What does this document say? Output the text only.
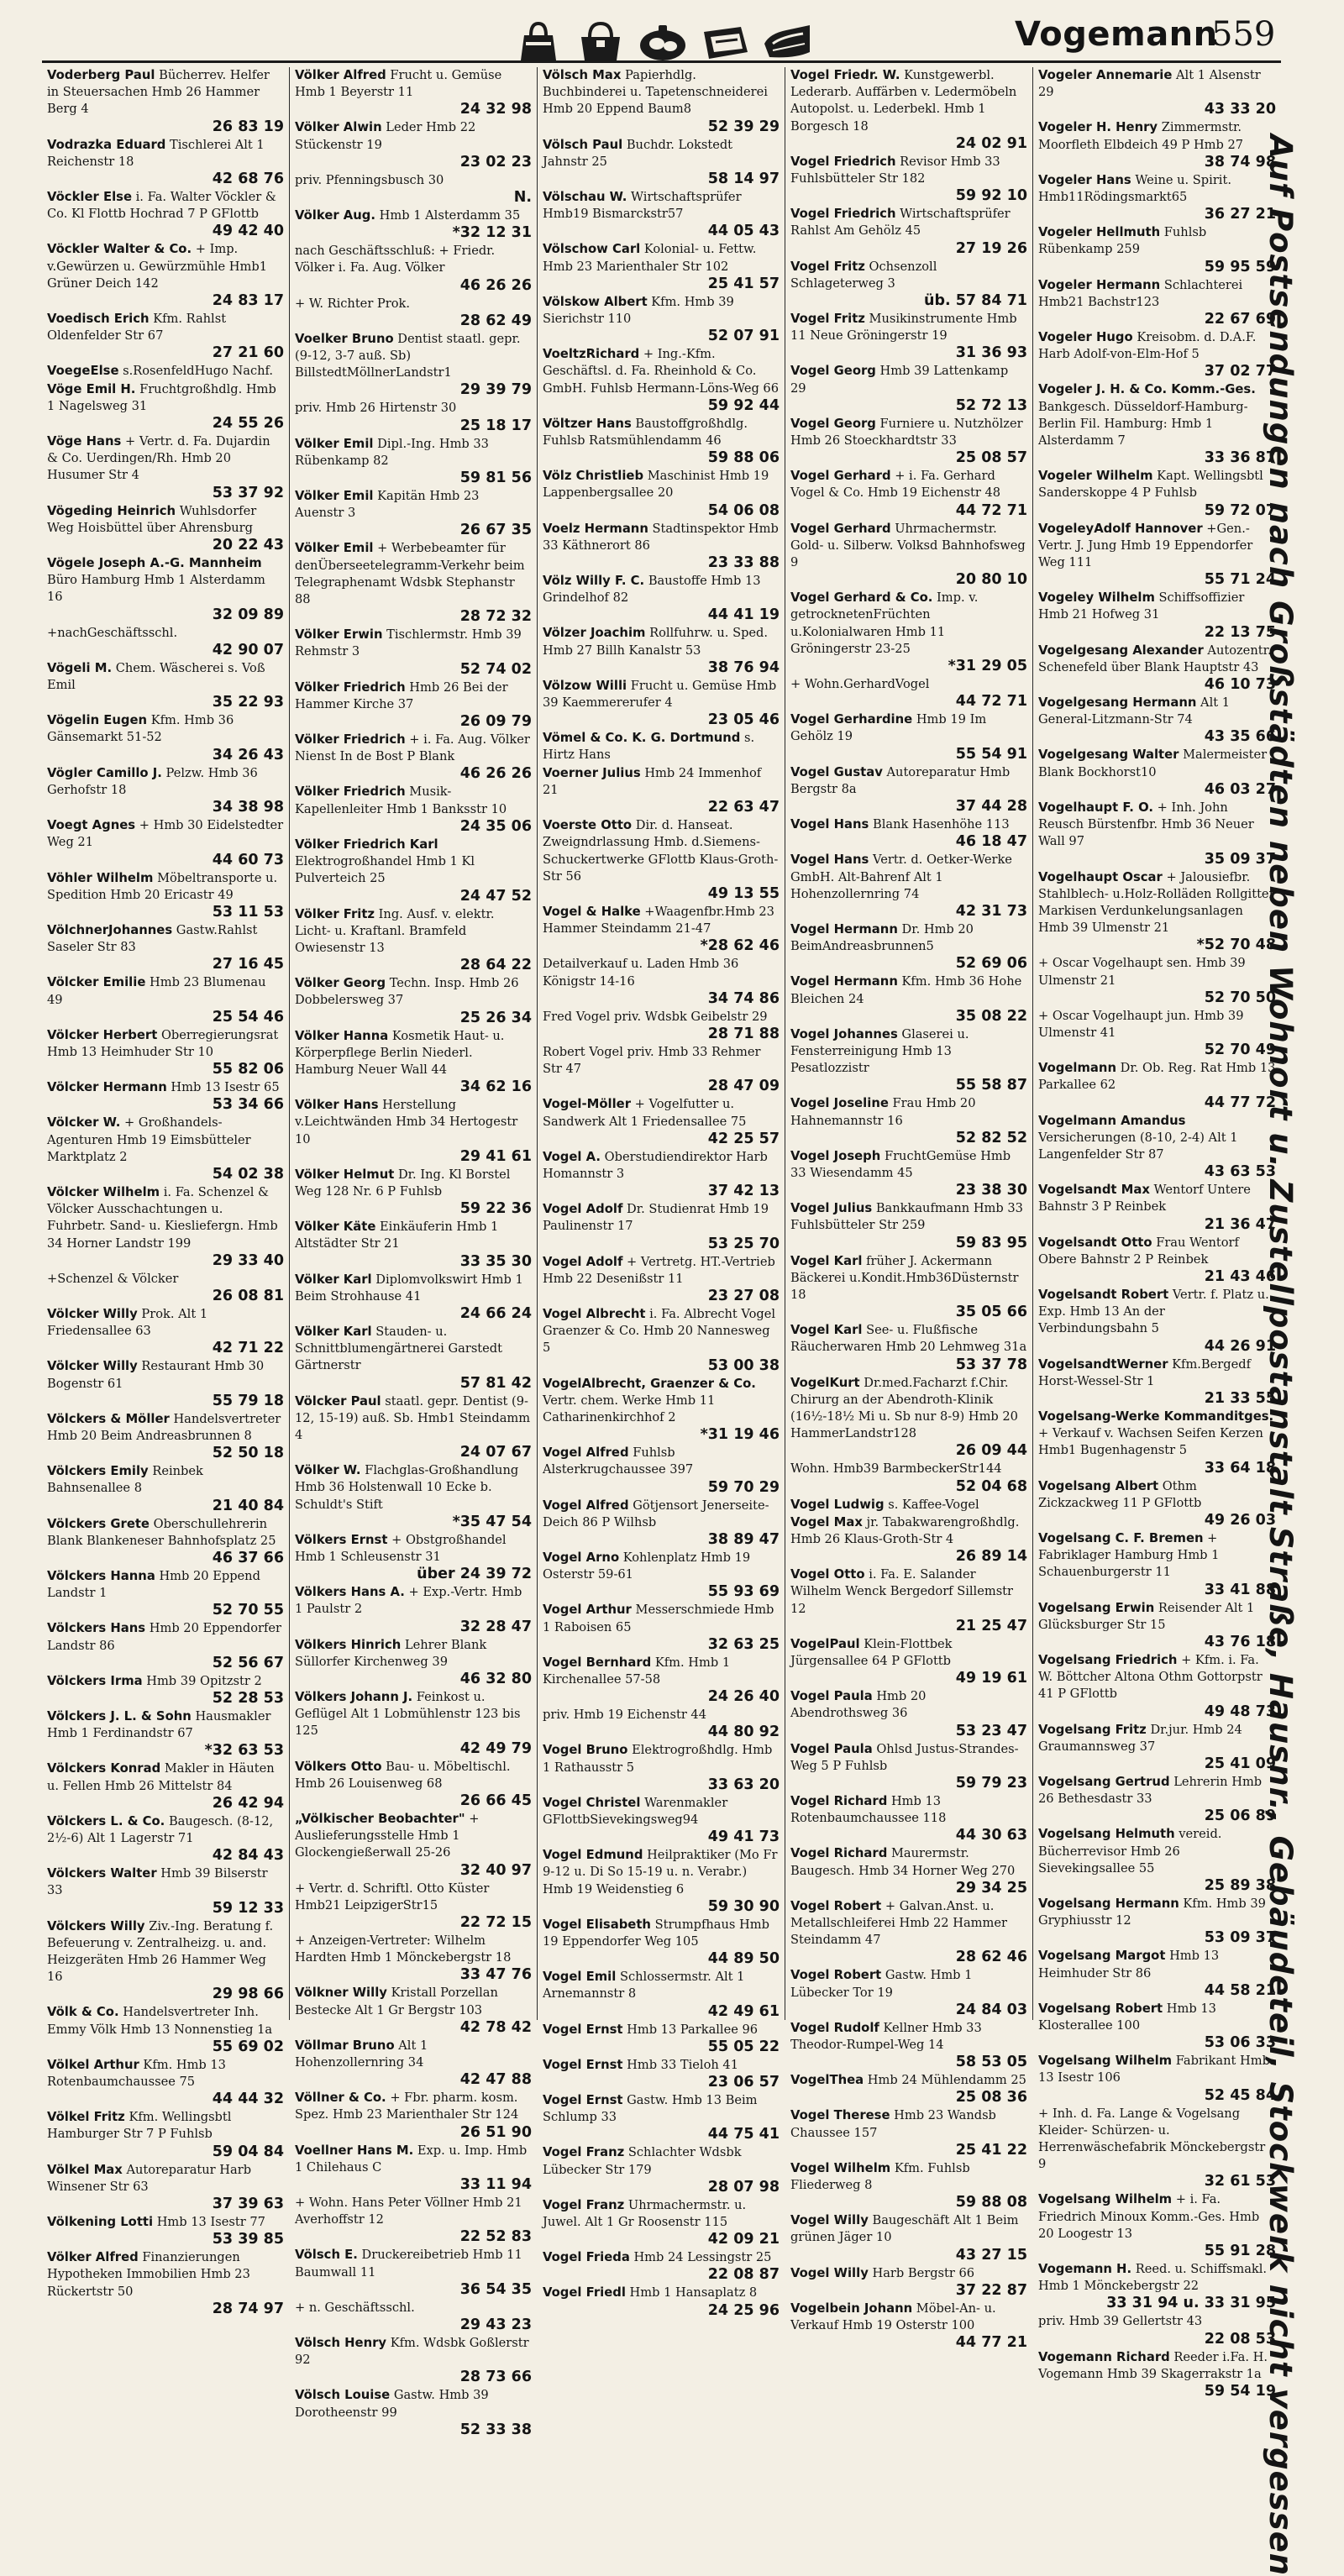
Vogemann
559
Voderberg Paul Bücherrev. Helfer in Steuersachen Hmb 26 Hammer Berg 4
26 83 19
Vodrazka Eduard Tischlerei Alt 1 Reichenstr 18
42 68 76
Vöckler Else i. Fa. Walter Vöckler & Co. Kl Flottb Hochrad 7 P GFlottb
49 42 40
Vöckler Walter & Co. + Imp. v.Gewürzen u. Gewürzmühle Hmb1 Grüner Deich 142
24 83 17
Voedisch Erich Kfm. Rahlst Oldenfelder Str 67
27 21 60
VoegeElse s.RosenfeldHugo Nachf.
Vöge Emil H. Fruchtgroßhdlg. Hmb 1 Nagelsweg 31
24 55 26
Vöge Hans + Vertr. d. Fa. Dujardin & Co. Uerdingen/Rh. Hmb 20 Husumer Str 4
53 37 92
Vögeding Heinrich Wuhlsdorfer Weg Hoisbüttel über Ahrensburg
20 22 43
Vögele Joseph A.-G. Mannheim Büro Hamburg Hmb 1 Alsterdamm 16
32 09 89
+nachGeschäftsschl.
42 90 07
Vögeli M. Chem. Wäscherei s. Voß Emil
35 22 93
Vögelin Eugen Kfm. Hmb 36 Gänsemarkt 51-52
34 26 43
Vögler Camillo J. Pelzw. Hmb 36 Gerhofstr 18
34 38 98
Voegt Agnes + Hmb 30 Eidelstedter Weg 21
44 60 73
Vöhler Wilhelm Möbeltransporte u. Spedition Hmb 20 Ericastr 49
53 11 53
VölchnerJohannes Gastw.Rahlst Saseler Str 83
27 16 45
Völcker Emilie Hmb 23 Blumenau 49
25 54 46
Völcker Herbert Oberregierungsrat Hmb 13 Heimhuder Str 10
55 82 06
Völcker Hermann Hmb 13 Isestr 65
53 34 66
Völcker W. + Großhandels-Agenturen Hmb 19 Eimsbütteler Marktplatz 2
54 02 38
Völcker Wilhelm i. Fa. Schenzel & Völcker Ausschachtungen u. Fuhrbetr. Sand- u. Kiesliefergn. Hmb 34 Horner Landstr 199
29 33 40
+Schenzel & Völcker
26 08 81
Völcker Willy Prok. Alt 1 Friedensallee 63
42 71 22
Völcker Willy Restaurant Hmb 30 Bogenstr 61
55 79 18
Völckers & Möller Handelsvertreter Hmb 20 Beim Andreasbrunnen 8
52 50 18
Völckers Emily Reinbek Bahnsenallee 8
21 40 84
Völckers Grete Oberschullehrerin Blank Blankeneser Bahnhofsplatz 25
46 37 66
Völckers Hanna Hmb 20 Eppend Landstr 1
52 70 55
Völckers Hans Hmb 20 Eppendorfer Landstr 86
52 56 67
Völckers Irma Hmb 39 Opitzstr 2
52 28 53
Völckers J. L. & Sohn Hausmakler Hmb 1 Ferdinandstr 67
*32 63 53
Völckers Konrad Makler in Häuten u. Fellen Hmb 26 Mittelstr 84
26 42 94
Völckers L. & Co. Baugesch. (8-12, 2½-6) Alt 1 Lagerstr 71
42 84 43
Völckers Walter Hmb 39 Bilserstr 33
59 12 33
Völckers Willy Ziv.-Ing. Beratung f. Befeuerung v. Zentralheizg. u. and. Heizgeräten Hmb 26 Hammer Weg 16
29 98 66
Völk & Co. Handelsvertreter Inh. Emmy Völk Hmb 13 Nonnenstieg 1a
55 69 02
Völkel Arthur Kfm. Hmb 13 Rotenbaumchaussee 75
44 44 32
Völkel Fritz Kfm. Wellingsbtl Hamburger Str 7 P Fuhlsb
59 04 84
Völkel Max Autoreparatur Harb Winsener Str 63
37 39 63
Völkening Lotti Hmb 13 Isestr 77
53 39 85
Völker Alfred Finanzierungen Hypotheken Immobilien Hmb 23 Rückertstr 50
28 74 97
Völker Alfred Frucht u. Gemüse Hmb 1 Beyerstr 11
24 32 98
Völker Alwin Leder Hmb 22 Stückenstr 19
23 02 23
priv. Pfenningsbusch 30
N.
Völker Aug. Hmb 1 Alsterdamm 35
*32 12 31
nach Geschäftsschluß: + Friedr. Völker i. Fa. Aug. Völker
46 26 26
+ W. Richter Prok.
28 62 49
Voelker Bruno Dentist staatl. gepr. (9-12, 3-7 auß. Sb) BillstedtMöllnerLandstr1
29 39 79
priv. Hmb 26 Hirtenstr 30
25 18 17
Völker Emil Dipl.-Ing. Hmb 33 Rübenkamp 82
59 81 56
Völker Emil Kapitän Hmb 23 Auenstr 3
26 67 35
Völker Emil + Werbebeamter für denÜberseetelegramm-Verkehr beim Telegraphenamt Wdsbk Stephanstr 88
28 72 32
Völker Erwin Tischlermstr. Hmb 39 Rehmstr 3
52 74 02
Völker Friedrich Hmb 26 Bei der Hammer Kirche 37
26 09 79
Völker Friedrich + i. Fa. Aug. Völker Nienst In de Bost P Blank
46 26 26
Völker Friedrich Musik-Kapellenleiter Hmb 1 Banksstr 10
24 35 06
Völker Friedrich Karl Elektrogroßhandel Hmb 1 Kl Pulverteich 25
24 47 52
Völker Fritz Ing. Ausf. v. elektr. Licht- u. Kraftanl. Bramfeld Owiesenstr 13
28 64 22
Völker Georg Techn. Insp. Hmb 26 Dobbelersweg 37
25 26 34
Völker Hanna Kosmetik Haut- u. Körperpflege Berlin Niederl. Hamburg Neuer Wall 44
34 62 16
Völker Hans Herstellung v.Leichtwänden Hmb 34 Hertogestr 10
29 41 61
Völker Helmut Dr. Ing. Kl Borstel Weg 128 Nr. 6 P Fuhlsb
59 22 36
Völker Käte Einkäuferin Hmb 1 Altstädter Str 21
33 35 30
Völker Karl Diplomvolkswirt Hmb 1 Beim Strohhause 41
24 66 24
Völker Karl Stauden- u. Schnittblumengärtnerei Garstedt Gärtnerstr
57 81 42
Völcker Paul staatl. gepr. Dentist (9-12, 15-19) auß. Sb. Hmb1 Steindamm 4
24 07 67
Völker W. Flachglas-Großhandlung Hmb 36 Holstenwall 10 Ecke b. Schuldt's Stift
*35 47 54
Völkers Ernst + Obstgroßhandel Hmb 1 Schleusenstr 31
über 24 39 72
Völkers Hans A. + Exp.-Vertr. Hmb 1 Paulstr 2
32 28 47
Völkers Hinrich Lehrer Blank Süllorfer Kirchenweg 39
46 32 80
Völkers Johann J. Feinkost u. Geflügel Alt 1 Lobmühlenstr 123 bis 125
42 49 79
Völkers Otto Bau- u. Möbeltischl. Hmb 26 Louisenweg 68
26 66 45
„Völkischer Beobachter" + Auslieferungsstelle Hmb 1 Glockengießerwall 25-26
32 40 97
+ Vertr. d. Schriftl. Otto Küster Hmb21 LeipzigerStr15
22 72 15
+ Anzeigen-Vertreter: Wilhelm Hardten Hmb 1 Mönckebergstr 18
33 47 76
Völkner Willy Kristall Porzellan Bestecke Alt 1 Gr Bergstr 103
42 78 42
Völlmar Bruno Alt 1 Hohenzollernring 34
42 47 88
Völlner & Co. + Fbr. pharm. kosm. Spez. Hmb 23 Marienthaler Str 124
26 51 90
Voellner Hans M. Exp. u. Imp. Hmb 1 Chilehaus C
33 11 94
+ Wohn. Hans Peter Völlner Hmb 21 Averhoffstr 12
22 52 83
Völsch E. Druckereibetrieb Hmb 11 Baumwall 11
36 54 35
+ n. Geschäftsschl.
29 43 23
Völsch Henry Kfm. Wdsbk Goßlerstr 92
28 73 66
Völsch Louise Gastw. Hmb 39 Dorotheenstr 99
52 33 38
Völsch Max Papierhdlg. Buchbinderei u. Tapetenschneiderei Hmb 20 Eppend Baum8
52 39 29
Völsch Paul Buchdr. Lokstedt Jahnstr 25
58 14 97
Völschau W. Wirtschaftsprüfer Hmb19 Bismarckstr57
44 05 43
Völschow Carl Kolonial- u. Fettw. Hmb 23 Marienthaler Str 102
25 41 57
Völskow Albert Kfm. Hmb 39 Sierichstr 110
52 07 91
VoeltzRichard + Ing.-Kfm. Geschäftsl. d. Fa. Rheinhold & Co. GmbH. Fuhlsb Hermann-Löns-Weg 66
59 92 44
Völtzer Hans Baustoffgroßhdlg. Fuhlsb Ratsmühlendamm 46
59 88 06
Völz Christlieb Maschinist Hmb 19 Lappenbergsallee 20
54 06 08
Voelz Hermann Stadtinspektor Hmb 33 Käthnerort 86
23 33 88
Völz Willy F. C. Baustoffe Hmb 13 Grindelhof 82
44 41 19
Völzer Joachim Rollfuhrw. u. Sped. Hmb 27 Billh Kanalstr 53
38 76 94
Völzow Willi Frucht u. Gemüse Hmb 39 Kaemmererufer 4
23 05 46
Vömel & Co. K. G. Dortmund s. Hirtz Hans
Voerner Julius Hmb 24 Immenhof 21
22 63 47
Voerste Otto Dir. d. Hanseat. Zweigndrlassung Hmb. d.Siemens-Schuckertwerke GFlottb Klaus-Groth-Str 56
49 13 55
Vogel & Halke +Waagenfbr.Hmb 23 Hammer Steindamm 21-47
*28 62 46
Detailverkauf u. Laden Hmb 36 Königstr 14-16
34 74 86
Fred Vogel priv. Wdsbk Geibelstr 29
28 71 88
Robert Vogel priv. Hmb 33 Rehmer Str 47
28 47 09
Vogel-Möller + Vogelfutter u. Sandwerk Alt 1 Friedensallee 75
42 25 57
Vogel A. Oberstudiendirektor Harb Homannstr 3
37 42 13
Vogel Adolf Dr. Studienrat Hmb 19 Paulinenstr 17
53 25 70
Vogel Adolf + Vertretg. HT.-Vertrieb Hmb 22 Desenißstr 11
23 27 08
Vogel Albrecht i. Fa. Albrecht Vogel Graenzer & Co. Hmb 20 Nannesweg 5
53 00 38
VogelAlbrecht, Graenzer & Co. Vertr. chem. Werke Hmb 11 Catharinenkirchhof 2
*31 19 46
Vogel Alfred Fuhlsb Alsterkrugchaussee 397
59 70 29
Vogel Alfred Götjensort Jenerseite-Deich 86 P Wilhsb
38 89 47
Vogel Arno Kohlenplatz Hmb 19 Osterstr 59-61
55 93 69
Vogel Arthur Messerschmiede Hmb 1 Raboisen 65
32 63 25
Vogel Bernhard Kfm. Hmb 1 Kirchenallee 57-58
24 26 40
priv. Hmb 19 Eichenstr 44
44 80 92
Vogel Bruno Elektrogroßhdlg. Hmb 1 Rathausstr 5
33 63 20
Vogel Christel Warenmakler GFlottbSievekingsweg94
49 41 73
Vogel Edmund Heilpraktiker (Mo Fr 9-12 u. Di So 15-19 u. n. Verabr.) Hmb 19 Weidenstieg 6
59 30 90
Vogel Elisabeth Strumpfhaus Hmb 19 Eppendorfer Weg 105
44 89 50
Vogel Emil Schlossermstr. Alt 1 Arnemannstr 8
42 49 61
Vogel Ernst Hmb 13 Parkallee 96
55 05 22
Vogel Ernst Hmb 33 Tieloh 41
23 06 57
Vogel Ernst Gastw. Hmb 13 Beim Schlump 33
44 75 41
Vogel Franz Schlachter Wdsbk Lübecker Str 179
28 07 98
Vogel Franz Uhrmachermstr. u. Juwel. Alt 1 Gr Roosenstr 115
42 09 21
Vogel Frieda Hmb 24 Lessingstr 25
22 08 87
Vogel Friedl Hmb 1 Hansaplatz 8
24 25 96
Vogel Friedr. W. Kunstgewerbl. Lederarb. Auffärben v. Ledermöbeln Autopolst. u. Lederbekl. Hmb 1 Borgesch 18
24 02 91
Vogel Friedrich Revisor Hmb 33 Fuhlsbütteler Str 182
59 92 10
Vogel Friedrich Wirtschaftsprüfer Rahlst Am Gehölz 45
27 19 26
Vogel Fritz Ochsenzoll Schlageterweg 3
üb. 57 84 71
Vogel Fritz Musikinstrumente Hmb 11 Neue Gröningerstr 19
31 36 93
Vogel Georg Hmb 39 Lattenkamp 29
52 72 13
Vogel Georg Furniere u. Nutzhölzer Hmb 26 Stoeckhardtstr 33
25 08 57
Vogel Gerhard + i. Fa. Gerhard Vogel & Co. Hmb 19 Eichenstr 48
44 72 71
Vogel Gerhard Uhrmachermstr. Gold- u. Silberw. Volksd Bahnhofsweg 9
20 80 10
Vogel Gerhard & Co. Imp. v. getrocknetenFrüchten u.Kolonialwaren Hmb 11 Gröningerstr 23-25
*31 29 05
+ Wohn.GerhardVogel
44 72 71
Vogel Gerhardine Hmb 19 Im Gehölz 19
55 54 91
Vogel Gustav Autoreparatur Hmb Bergstr 8a
37 44 28
Vogel Hans Blank Hasenhöhe 113
46 18 47
Vogel Hans Vertr. d. Oetker-Werke GmbH. Alt-Bahrenf Alt 1 Hohenzollernring 74
42 31 73
Vogel Hermann Dr. Hmb 20 BeimAndreasbrunnen5
52 69 06
Vogel Hermann Kfm. Hmb 36 Hohe Bleichen 24
35 08 22
Vogel Johannes Glaserei u. Fensterreinigung Hmb 13 Pesatlozzistr
55 58 87
Vogel Joseline Frau Hmb 20 Hahnemannstr 16
52 82 52
Vogel Joseph FruchtGemüse Hmb 33 Wiesendamm 45
23 38 30
Vogel Julius Bankkaufmann Hmb 33 Fuhlsbütteler Str 259
59 83 95
Vogel Karl früher J. Ackermann Bäckerei u.Kondit.Hmb36Düsternstr 18
35 05 66
Vogel Karl See- u. Flußfische Räucherwaren Hmb 20 Lehmweg 31a
53 37 78
VogelKurt Dr.med.Facharzt f.Chir. Chirurg an der Abendroth-Klinik (16½-18½ Mi u. Sb nur 8-9) Hmb 20 HammerLandstr128
26 09 44
Wohn. Hmb39 BarmbeckerStr144
52 04 68
Vogel Ludwig s. Kaffee-Vogel
Vogel Max jr. Tabakwarengroßhdlg. Hmb 26 Klaus-Groth-Str 4
26 89 14
Vogel Otto i. Fa. E. Salander Wilhelm Wenck Bergedorf Sillemstr 12
21 25 47
VogelPaul Klein-Flottbek Jürgensallee 64 P GFlottb
49 19 61
Vogel Paula Hmb 20 Abendrothsweg 36
53 23 47
Vogel Paula Ohlsd Justus-Strandes-Weg 5 P Fuhlsb
59 79 23
Vogel Richard Hmb 13 Rotenbaumchaussee 118
44 30 63
Vogel Richard Maurermstr. Baugesch. Hmb 34 Horner Weg 270
29 34 25
Vogel Robert + Galvan.Anst. u. Metallschleiferei Hmb 22 Hammer Steindamm 47
28 62 46
Vogel Robert Gastw. Hmb 1 Lübecker Tor 19
24 84 03
Vogel Rudolf Kellner Hmb 33 Theodor-Rumpel-Weg 14
58 53 05
VogelThea Hmb 24 Mühlendamm 25
25 08 36
Vogel Therese Hmb 23 Wandsb Chaussee 157
25 41 22
Vogel Wilhelm Kfm. Fuhlsb Fliederweg 8
59 88 08
Vogel Willy Baugeschäft Alt 1 Beim grünen Jäger 10
43 27 15
Vogel Willy Harb Bergstr 66
37 22 87
Vogelbein Johann Möbel-An- u. Verkauf Hmb 19 Osterstr 100
44 77 21
Vogeler Annemarie Alt 1 Alsenstr 29
43 33 20
Vogeler H. Henry Zimmermstr. Moorfleth Elbdeich 49 P Hmb 27
38 74 98
Vogeler Hans Weine u. Spirit. Hmb11Rödingsmarkt65
36 27 21
Vogeler Hellmuth Fuhlsb Rübenkamp 259
59 95 59
Vogeler Hermann Schlachterei Hmb21 Bachstr123
22 67 69
Vogeler Hugo Kreisobm. d. D.A.F. Harb Adolf-von-Elm-Hof 5
37 02 77
Vogeler J. H. & Co. Komm.-Ges. Bankgesch. Düsseldorf-Hamburg-Berlin Fil. Hamburg: Hmb 1 Alsterdamm 7
33 36 87
Vogeler Wilhelm Kapt. Wellingsbtl Sanderskoppe 4 P Fuhlsb
59 72 07
VogeleyAdolf Hannover +Gen.-Vertr. J. Jung Hmb 19 Eppendorfer Weg 111
55 71 24
Vogeley Wilhelm Schiffsoffizier Hmb 21 Hofweg 31
22 13 75
Vogelgesang Alexander Autozentr. Schenefeld über Blank Hauptstr 43
46 10 73
Vogelgesang Hermann Alt 1 General-Litzmann-Str 74
43 35 66
Vogelgesang Walter Malermeister Blank Bockhorst10
46 03 27
Vogelhaupt F. O. + Inh. John Reusch Bürstenfbr. Hmb 36 Neuer Wall 97
35 09 37
Vogelhaupt Oscar + Jalousiefbr. Stahlblech- u.Holz-Rolläden Rollgitter Markisen Verdunkelungsanlagen Hmb 39 Ulmenstr 21
*52 70 48
+ Oscar Vogelhaupt sen. Hmb 39 Ulmenstr 21
52 70 50
+ Oscar Vogelhaupt jun. Hmb 39 Ulmenstr 41
52 70 49
Vogelmann Dr. Ob. Reg. Rat Hmb 13 Parkallee 62
44 77 72
Vogelmann Amandus Versicherungen (8-10, 2-4) Alt 1 Langenfelder Str 87
43 63 53
Vogelsandt Max Wentorf Untere Bahnstr 3 P Reinbek
21 36 47
Vogelsandt Otto Frau Wentorf Obere Bahnstr 2 P Reinbek
21 43 46
Vogelsandt Robert Vertr. f. Platz u. Exp. Hmb 13 An der Verbindungsbahn 5
44 26 91
VogelsandtWerner Kfm.Bergedf Horst-Wessel-Str 1
21 33 55
Vogelsang-Werke Kommanditges. + Verkauf v. Wachsen Seifen Kerzen Hmb1 Bugenhagenstr 5
33 64 18
Vogelsang Albert Othm Zickzackweg 11 P GFlottb
49 26 03
Vogelsang C. F. Bremen + Fabriklager Hamburg Hmb 1 Schauenburgerstr 11
33 41 88
Vogelsang Erwin Reisender Alt 1 Glücksburger Str 15
43 76 18
Vogelsang Friedrich + Kfm. i. Fa. W. Böttcher Altona Othm Gottorpstr 41 P GFlottb
49 48 73
Vogelsang Fritz Dr.jur. Hmb 24 Graumannsweg 37
25 41 09
Vogelsang Gertrud Lehrerin Hmb 26 Bethesdastr 33
25 06 89
Vogelsang Helmuth vereid. Bücherrevisor Hmb 26 Sievekingsallee 55
25 89 38
Vogelsang Hermann Kfm. Hmb 39 Gryphiusstr 12
53 09 37
Vogelsang Margot Hmb 13 Heimhuder Str 86
44 58 21
Vogelsang Robert Hmb 13 Klosterallee 100
53 06 33
Vogelsang Wilhelm Fabrikant Hmb 13 Isestr 106
52 45 84
+ Inh. d. Fa. Lange & Vogelsang Kleider- Schürzen- u. Herrenwäschefabrik Mönckebergstr 9
32 61 53
Vogelsang Wilhelm + i. Fa. Friedrich Minoux Komm.-Ges. Hmb 20 Loogestr 13
55 91 28
Vogemann H. Reed. u. Schiffsmakl. Hmb 1 Mönckebergstr 22
33 31 94 u. 33 31 95
priv. Hmb 39 Gellertstr 43
22 08 53
Vogemann Richard Reeder i.Fa. H. Vogemann Hmb 39 Skagerrakstr 1a
59 54 19
Auf Postsendungen nach Großstädten neben Wohnort u. Zustellpostanstalt Straße, Hausnr., Gebäudeteil, Stockwerk nicht vergessen
